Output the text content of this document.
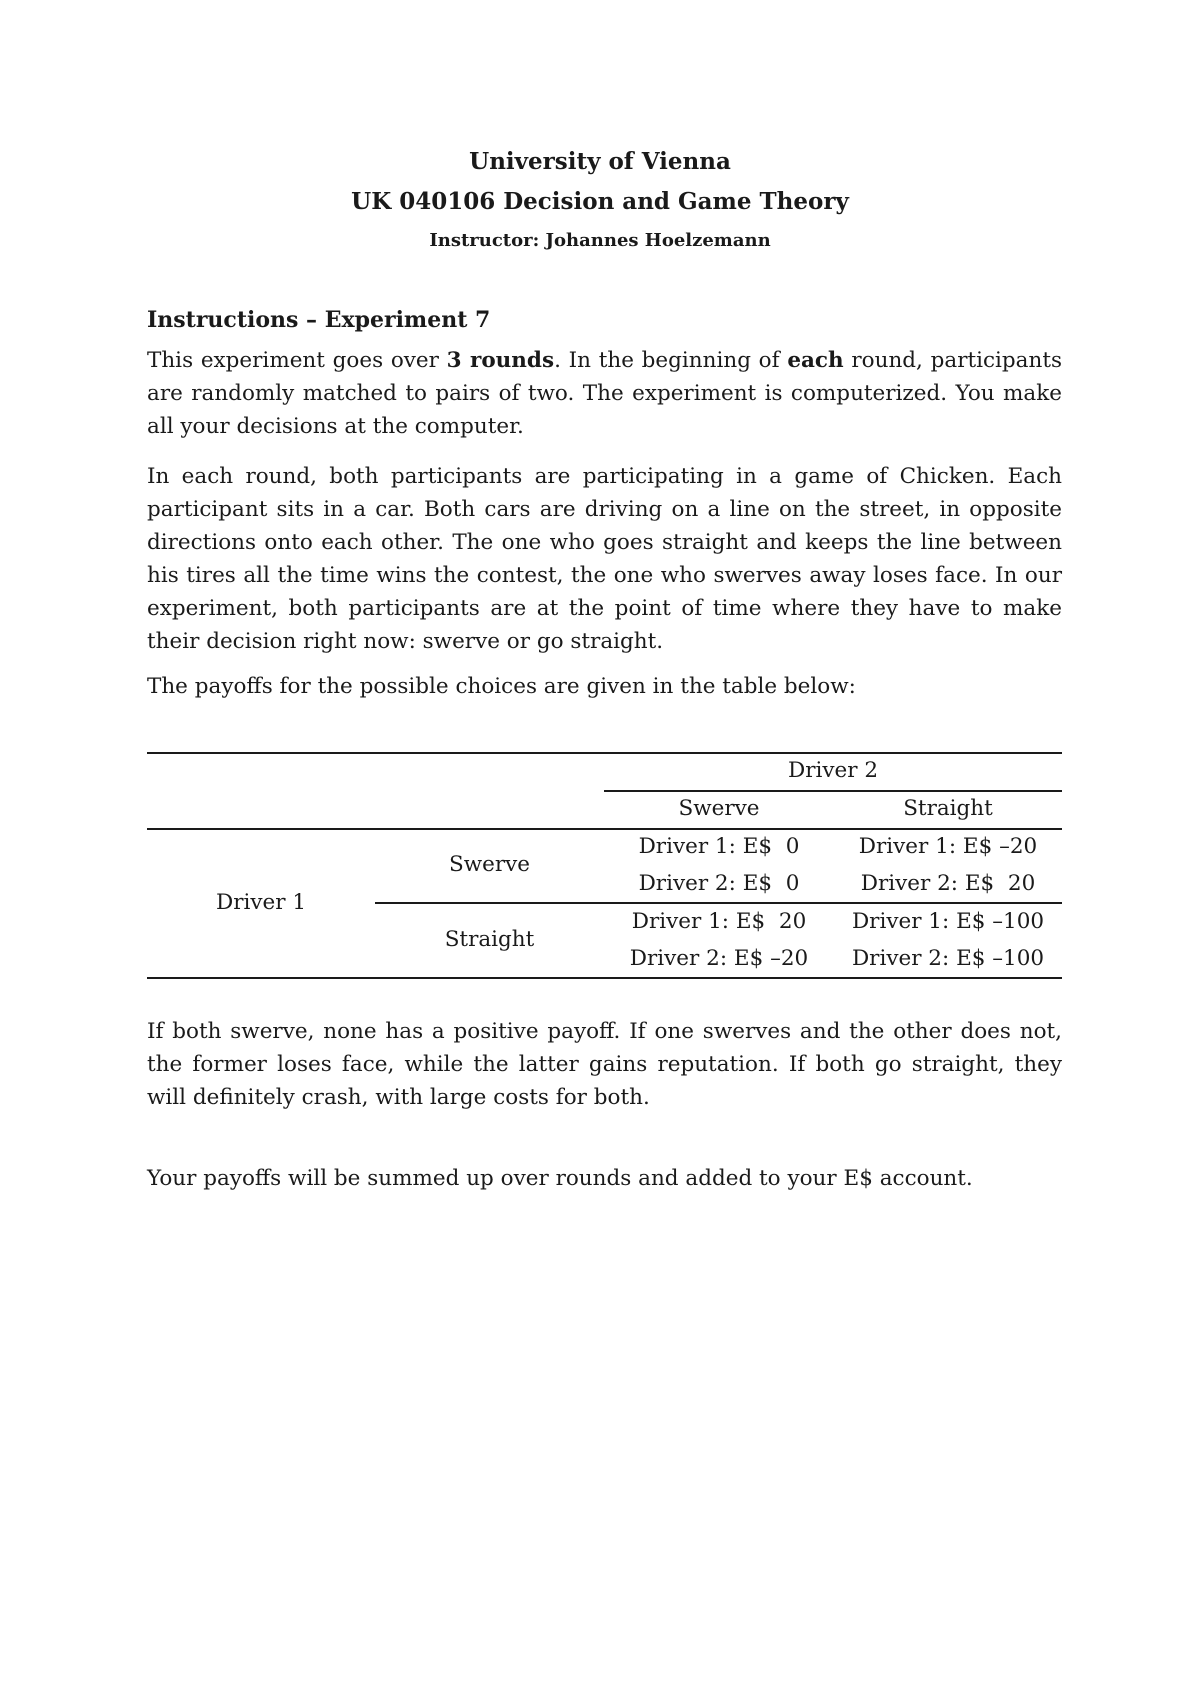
University of Vienna
UK 040106 Decision and Game Theory
Instructor: Johannes Hoelzemann
Instructions – Experiment 7

This experiment goes over 3 rounds. In the beginning of each round, participants are randomly matched to pairs of two. The experiment is computerized. You make all your decisions at the computer.

In each round, both participants are participating in a game of Chicken. Each participant sits in a car. Both cars are driving on a line on the street, in opposite directions onto each other. The one who goes straight and keeps the line between his tires all the time wins the contest, the one who swerves away loses face. In our experiment, both participants are at the point of time where they have to make their decision right now: swerve or go straight.

The payoffs for the possible choices are given in the table below:

Driver 2
Swerve	Straight
Driver 1
Swerve
Straight
Driver 1: E$  0
Driver 2: E$  0
Driver 1: E$ –20
Driver 2: E$  20
Driver 1: E$  20
Driver 2: E$ –20
Driver 1: E$ –100
Driver 2: E$ –100

If both swerve, none has a positive payoff. If one swerves and the other does not, the former loses face, while the latter gains reputation. If both go straight, they will definitely crash, with large costs for both.

Your payoffs will be summed up over rounds and added to your E$ account.
